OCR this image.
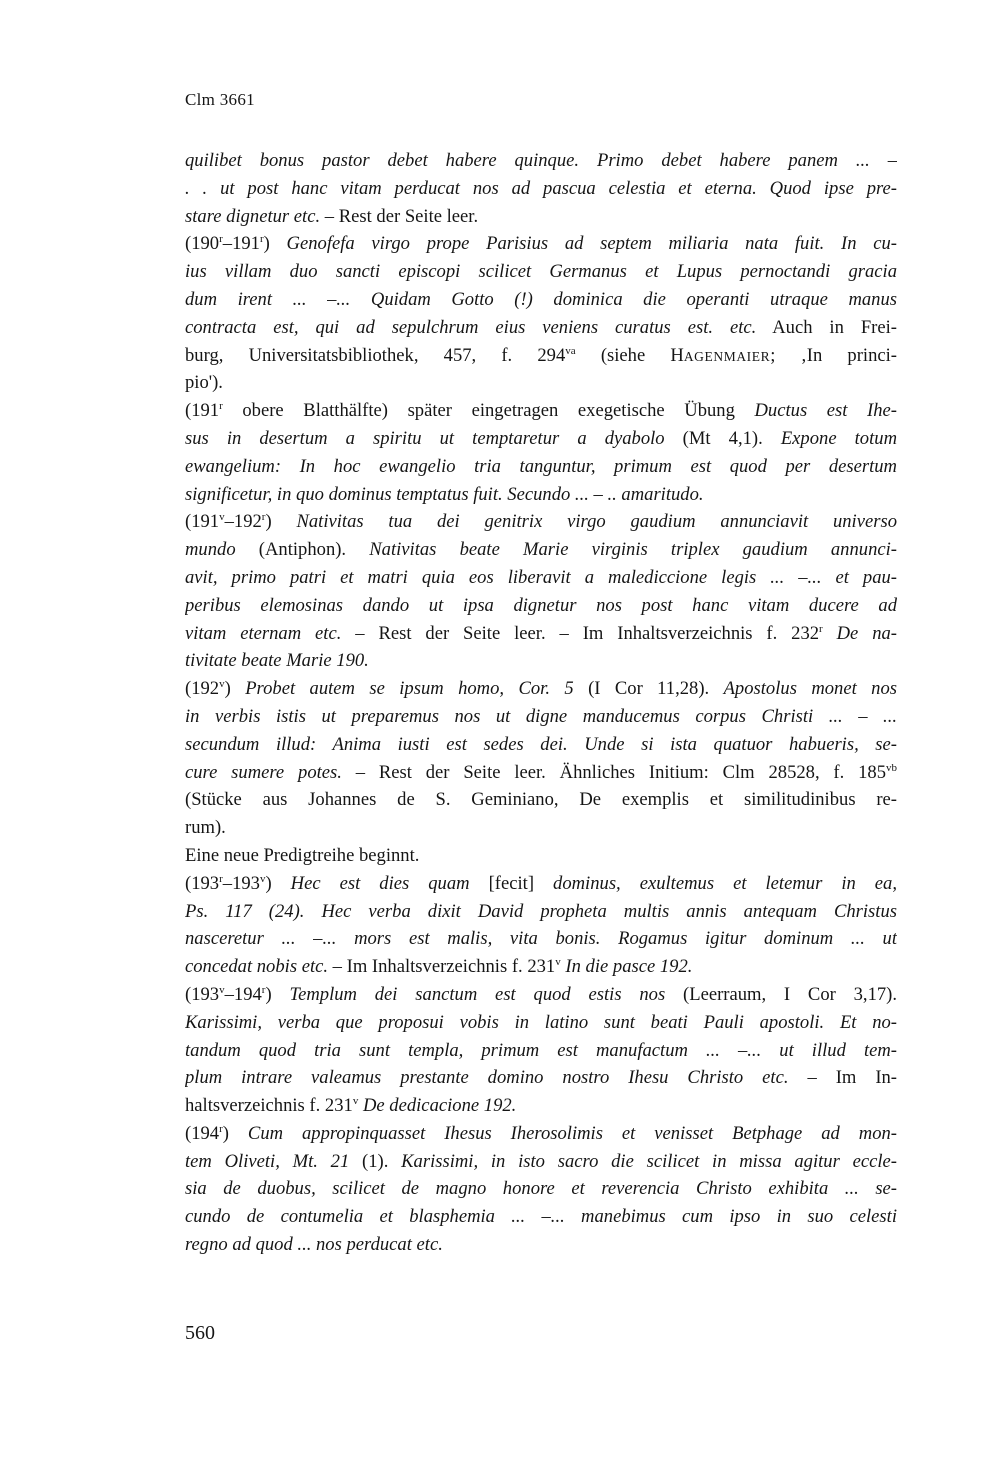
Clm 3661
quilibet bonus pastor debet habere quinque. Primo debet habere panem ... –
. . ut post hanc vitam perducat nos ad pascua celestia et eterna. Quod ipse pre-
stare dignetur etc. – Rest der Seite leer.
(190$^r$–191$^r$) Genofefa virgo prope Parisius ad septem miliaria nata fuit. In cu-
ius villam duo sancti episcopi scilicet Germanus et Lupus pernoctandi gracia
dum irent ... –... Quidam Gotto (!) dominica die operanti utraque manus
contracta est, qui ad sepulchrum eius veniens curatus est. etc. Auch in Frei-
burg, Universitatsbibliothek, 457, f. $294^{va}$ (siehe HAGENMAIER; ‚In princi-
pio').
(191$^r$ obere Blatthälfte) später eingetragen exegetische Übung Ductus est Ihe-
sus in desertum a spiritu ut temptaretur a dyabolo (Mt 4,1). Expone totum
ewangelium: In hoc ewangelio tria tanguntur, primum est quod per desertum
significetur, in quo dominus temptatus fuit. Secundo ... – .. amaritudo.
(191$^v$–192$^r$) Nativitas tua dei genitrix virgo gaudium annunciavit universo
mundo (Antiphon). Nativitas beate Marie virginis triplex gaudium annunci-
avit, primo patri et matri quia eos liberavit a malediccione legis ... –... et pau-
peribus elemosinas dando ut ipsa dignetur nos post hanc vitam ducere ad
vitam eternam etc. – Rest der Seite leer. – Im Inhaltsverzeichnis f. 232$^r$ De na-
tivitate beate Marie 190.
(192$^v$) Probet autem se ipsum homo, Cor. 5 (I Cor 11,28). Apostolus monet nos
in verbis istis ut preparemus nos ut digne manducemus corpus Christi ... – ...
secundum illud: Anima iusti est sedes dei. Unde si ista quatuor habueris, se-
cure sumere potes. – Rest der Seite leer. Ähnliches Initium: Clm 28528, f. $185^{vb}$
(Stücke aus Johannes de S. Geminiano, De exemplis et similitudinibus re-
rum).
Eine neue Predigtreihe beginnt.
(193$^r$–193$^v$) Hec est dies quam [fecit] dominus, exultemus et letemur in ea,
Ps. 117 (24). Hec verba dixit David propheta multis annis antequam Christus
nasceretur ... –... mors est malis, vita bonis. Rogamus igitur dominum ... ut
concedat nobis etc. – Im Inhaltsverzeichnis f. 231$^v$ In die pasce 192.
(193$^v$–194$^r$) Templum dei sanctum est quod estis nos (Leerraum, I Cor 3,17).
Karissimi, verba que proposui vobis in latino sunt beati Pauli apostoli. Et no-
tandum quod tria sunt templa, primum est manufactum ... –... ut illud tem-
plum intrare valeamus prestante domino nostro Ihesu Christo etc. – Im In-
haltsverzeichnis f. 231$^v$ De dedicacione 192.
(194$^r$) Cum appropinquasset Ihesus Iherosolimis et venisset Betphage ad mon-
tem Oliveti, Mt. 21 (1). Karissimi, in isto sacro die scilicet in missa agitur eccle-
sia de duobus, scilicet de magno honore et reverencia Christo exhibita ... se-
cundo de contumelia et blasphemia ... –... manebimus cum ipso in suo celesti
regno ad quod ... nos perducat etc.
560
